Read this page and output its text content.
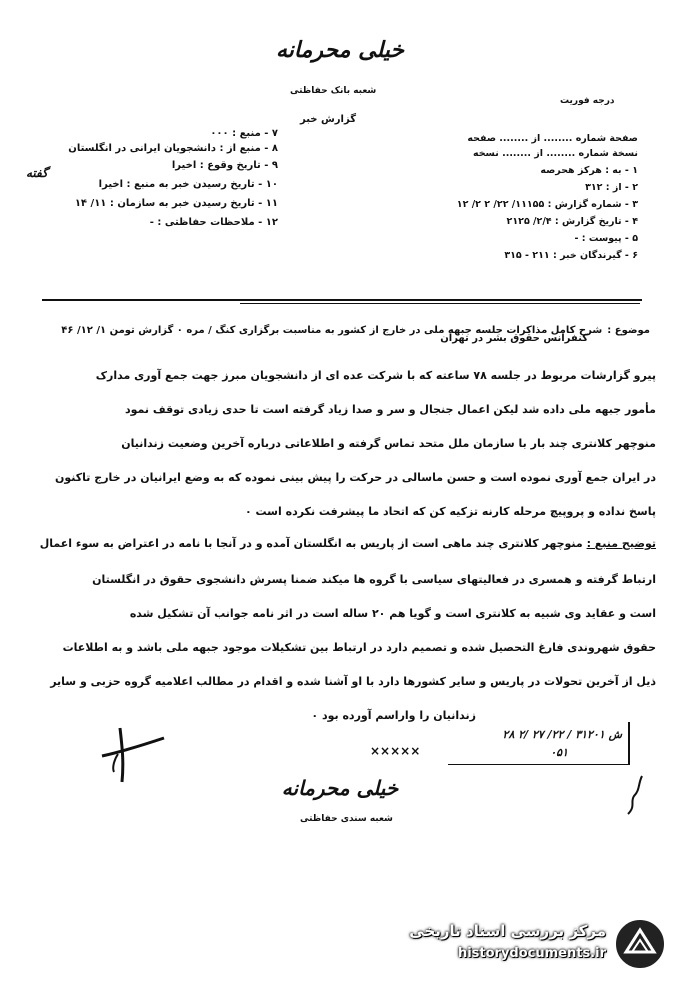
خیلی محرمانه
شعبه بانک حفاظتی
گزارش خبر
درجه فوریت
صفحة شماره ........ از ........ صفحه
نسخة شماره ........ از ........ نسخه
۱ - به : هرکز هحرصه
۲ - از : ۳۱۲
۳ - شماره گزارش : ۱۱۱۵۵/ ۲۲/ ۲ ۲/ ۱۲
۴ - تاریخ گزارش : ۲/۴/ ۲۱۲۵
۵ - پیوست : -
۶ - گیرندگان خبر : ۲۱۱ - ۳۱۵
۷ - منبع : ۰۰۰
۸ - منبع از : دانشجویان ایرانی در انگلستان
۹ - تاریخ وقوع : اخیرا
۱۰ - تاریخ رسیدن خبر به منبع : اخیرا
۱۱ - تاریخ رسیدن خبر به سازمان : ۱۱/ ۱۴
۱۲ - ملاحظات حفاظتی : -
گفته
موضوع : شرح کامل مذاکرات جلسه جبهه ملی در خارج از کشور به مناسبت برگزاری کنگ / مره ۰ گزارش تومن ۱/ ۱۲/ ۴۶
کنفرانس حقوق بشر در تهران
پیرو گزارشات مربوط در جلسه ۷۸ ساعته که با شرکت عده ای از دانشجویان مبرز جهت جمع آوری مدارک
مأمور جبهه ملی داده شد لیکن اعمال جنجال و سر و صدا زیاد گرفته است تا حدی زیادی توقف نمود
منوچهر کلانتری چند بار با سازمان ملل متحد تماس گرفته و اطلاعاتی درباره آخرین وضعیت زندانیان
در ایران جمع آوری نموده است و حسن ماسالی در حرکت را پیش بینی نموده که به وضع ایرانیان در خارج تاکنون
پاسخ نداده و پروپیچ مرحله کارنه تزکیه کن که اتحاد ما پیشرفت نکرده است ۰
توضیح منبع : منوچهر کلانتری چند ماهی است از پاریس به انگلستان آمده و در آنجا با نامه در اعتراض به سوء اعمال
ارتباط گرفته و همسری در فعالیتهای سیاسی با گروه ها میکند ضمنا پسرش دانشجوی حقوق در انگلستان
است و عقاید وی شبیه به کلانتری است و گویا هم ۲۰ ساله است در اثر نامه جوانب آن تشکیل شده
حقوق شهروندی فارغ التحصیل شده و تصمیم دارد در ارتباط بین تشکیلات موجود جبهه ملی باشد و به اطلاعات
ذیل از آخرین تحولات در پاریس و سایر کشورها دارد با او آشنا شده و اقدام در مطالب اعلامیه گروه حزبی و سایر
زندانیان را واراسم آورده بود ۰
ش ۳۱۲۰۱ / ۲۲/ ۲۷ /۲ ۲۸
۰۵۱
×××××
خیلی محرمانه
شعبه سندی حفاظتی
مرکز بررسی اسناد تاریخی
historydocuments.ir
